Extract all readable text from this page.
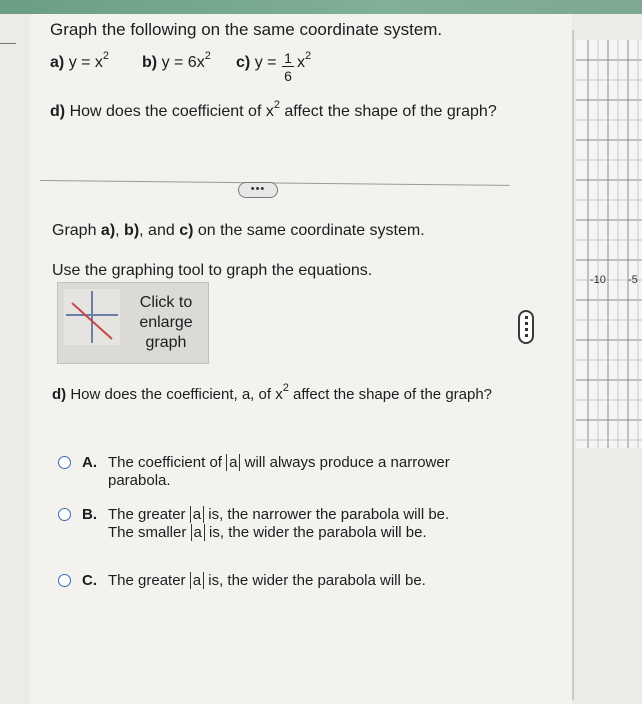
Graph the following on the same coordinate system.
a) $y = x^2$ b) $y = 6x^2$ c) y = 1
6
$x^2$
d) How does the coefficient of $x^2$ affect the shape of the graph?
•••
Graph a), b), and c) on the same coordinate system.
Use the graphing tool to graph the equations.
Click to enlarge graph
d) How does the coefficient, a, of $x^2$ affect the shape of the graph?
A. The coefficient of a will always produce a narrower parabola.
B. The greater a is, the narrower the parabola will be. The smaller a is, the wider the parabola will be.
C. The greater a is, the wider the parabola will be.
-10 -5
